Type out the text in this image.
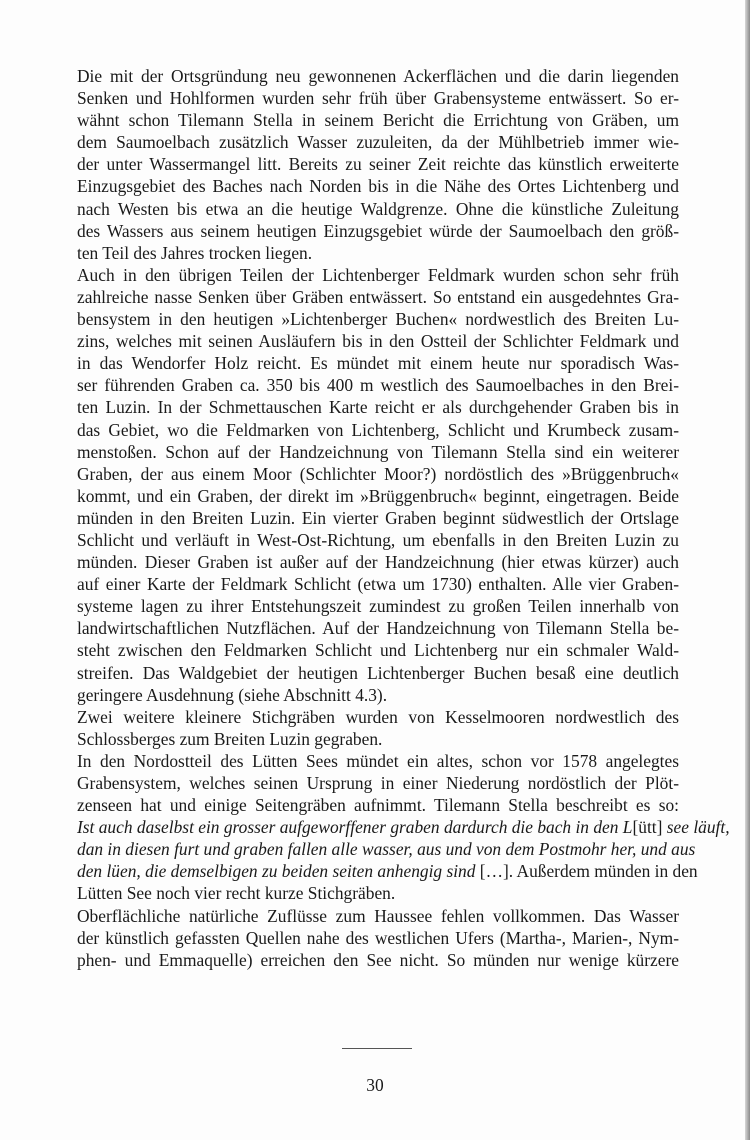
Die mit der Ortsgründung neu gewonnenen Ackerflächen und die darin liegenden
Senken und Hohlformen wurden sehr früh über Grabensysteme entwässert. So er-
wähnt schon Tilemann Stella in seinem Bericht die Errichtung von Gräben, um
dem Saumoelbach zusätzlich Wasser zuzuleiten, da der Mühlbetrieb immer wie-
der unter Wassermangel litt. Bereits zu seiner Zeit reichte das künstlich erweiterte
Einzugsgebiet des Baches nach Norden bis in die Nähe des Ortes Lichtenberg und
nach Westen bis etwa an die heutige Waldgrenze. Ohne die künstliche Zuleitung
des Wassers aus seinem heutigen Einzugsgebiet würde der Saumoelbach den größ-
ten Teil des Jahres trocken liegen.
Auch in den übrigen Teilen der Lichtenberger Feldmark wurden schon sehr früh
zahlreiche nasse Senken über Gräben entwässert. So entstand ein ausgedehntes Gra-
bensystem in den heutigen »Lichtenberger Buchen« nordwestlich des Breiten Lu-
zins, welches mit seinen Ausläufern bis in den Ostteil der Schlichter Feldmark und
in das Wendorfer Holz reicht. Es mündet mit einem heute nur sporadisch Was-
ser führenden Graben ca. 350 bis 400 m westlich des Saumoelbaches in den Brei-
ten Luzin. In der Schmettauschen Karte reicht er als durchgehender Graben bis in
das Gebiet, wo die Feldmarken von Lichtenberg, Schlicht und Krumbeck zusam-
menstoßen. Schon auf der Handzeichnung von Tilemann Stella sind ein weiterer
Graben, der aus einem Moor (Schlichter Moor?) nordöstlich des »Brüggenbruch«
kommt, und ein Graben, der direkt im »Brüggenbruch« beginnt, eingetragen. Beide
münden in den Breiten Luzin. Ein vierter Graben beginnt südwestlich der Ortslage
Schlicht und verläuft in West-Ost-Richtung, um ebenfalls in den Breiten Luzin zu
münden. Dieser Graben ist außer auf der Handzeichnung (hier etwas kürzer) auch
auf einer Karte der Feldmark Schlicht (etwa um 1730) enthalten. Alle vier Graben-
systeme lagen zu ihrer Entstehungszeit zumindest zu großen Teilen innerhalb von
landwirtschaftlichen Nutzflächen. Auf der Handzeichnung von Tilemann Stella be-
steht zwischen den Feldmarken Schlicht und Lichtenberg nur ein schmaler Wald-
streifen. Das Waldgebiet der heutigen Lichtenberger Buchen besaß eine deutlich
geringere Ausdehnung (siehe Abschnitt 4.3).
Zwei weitere kleinere Stichgräben wurden von Kesselmooren nordwestlich des
Schlossberges zum Breiten Luzin gegraben.
In den Nordostteil des Lütten Sees mündet ein altes, schon vor 1578 angelegtes
Grabensystem, welches seinen Ursprung in einer Niederung nordöstlich der Plöt-
zenseen hat und einige Seitengräben aufnimmt. Tilemann Stella beschreibt es so:
Ist auch daselbst ein grosser aufgeworffener graben dardurch die bach in den L[ütt] see läuft,
dan in diesen furt und graben fallen alle wasser, aus und von dem Postmohr her, und aus
den lüen, die demselbigen zu beiden seiten anhengig sind […]. Außerdem münden in den
Lütten See noch vier recht kurze Stichgräben.
Oberflächliche natürliche Zuflüsse zum Haussee fehlen vollkommen. Das Wasser
der künstlich gefassten Quellen nahe des westlichen Ufers (Martha-, Marien-, Nym-
phen- und Emmaquelle) erreichen den See nicht. So münden nur wenige kürzere
30
